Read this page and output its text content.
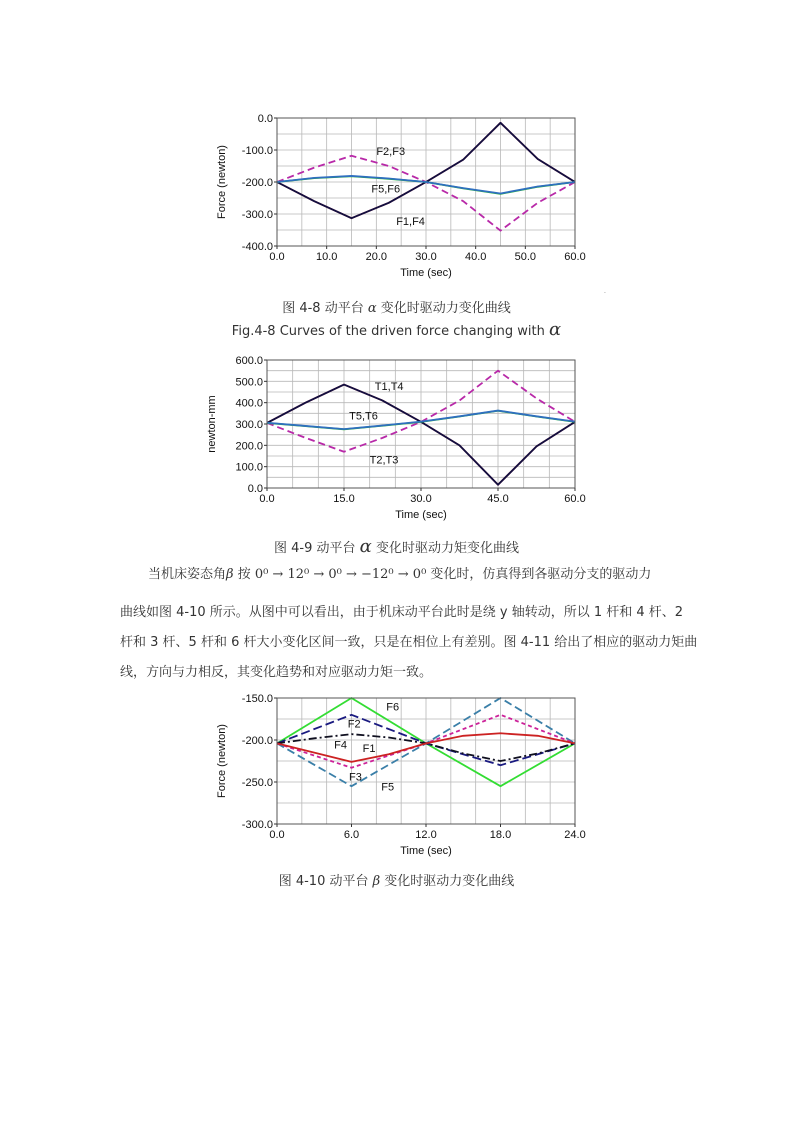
0.0	10.0	20.0	30.0	40.0	50.0	60.0
0.0
-100.0
-200.0
-300.0
-400.0
Time (sec)
Force (newton)	F2,F3
F5,F6
F1,F4
图 4-8 动平台 α 变化时驱动力变化曲线
.
Fig.4-8 Curves of the driven force changing with α
0.0	15.0	30.0	45.0	60.0
600.0
500.0
400.0
300.0
200.0
100.0
0.0
Time (sec)
newton-mm
T1,T4
T5,T6
T2,T3
图 4-9 动平台 α 变化时驱动力矩变化曲线
当机床姿态角β 按 0⁰ → 12⁰ → 0⁰ → −12⁰ → 0⁰ 变化时，仿真得到各驱动分支的驱动力
曲线如图 4-10 所示。从图中可以看出，由于机床动平台此时是绕 y 轴转动，所以 1 杆和 4 杆、2 杆和 3 杆、5 杆和 6 杆大小变化区间一致，只是在相位上有差别。图 4-11 给出了相应的驱动力矩曲线，方向与力相反，其变化趋势和对应驱动力矩一致。
0.0	6.0	12.0	18.0	24.0
-150.0
-200.0
-250.0
-300.0
Time (sec)
Force (newton)
F6
F2
F4 F1
F3
F5
图 4-10 动平台 β 变化时驱动力变化曲线
